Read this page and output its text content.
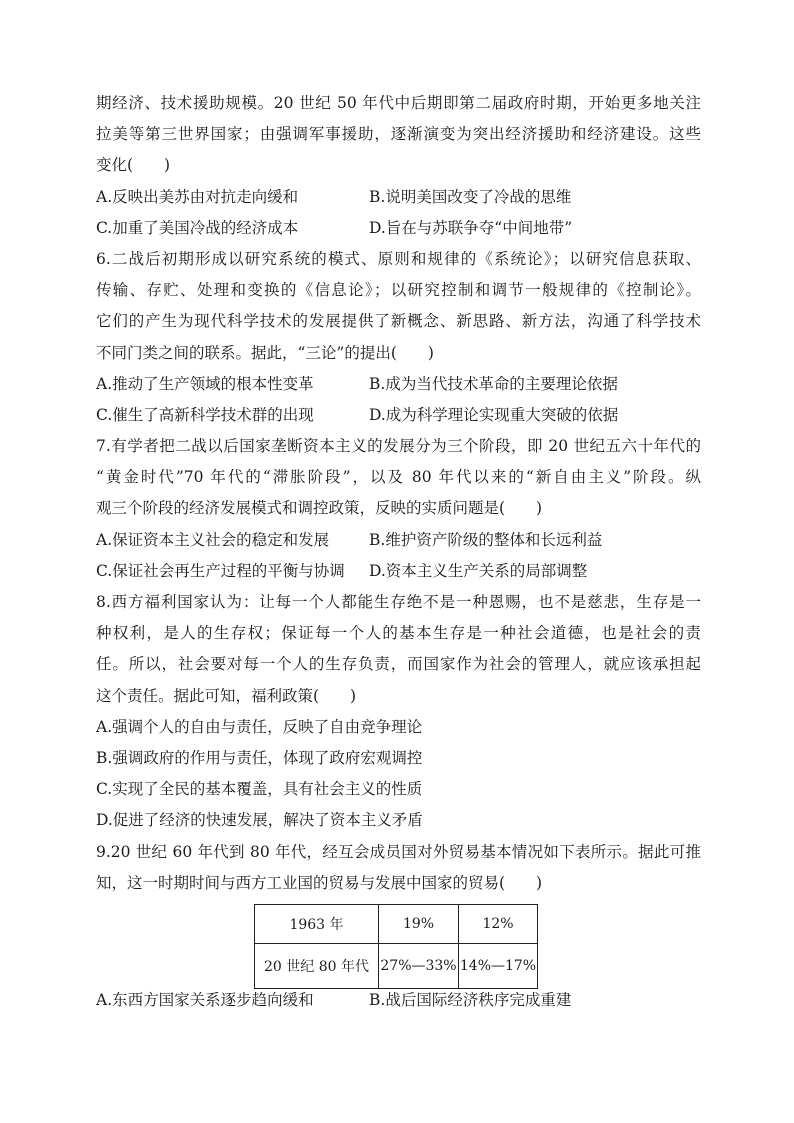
期经济、技术援助规模。20 世纪 50 年代中后期即第二届政府时期，开始更多地关注
拉美等第三世界国家；由强调军事援助，逐渐演变为突出经济援助和经济建设。这些
变化(　　)
A.反映出美苏由对抗走向缓和	B.说明美国改变了冷战的思维
C.加重了美国冷战的经济成本	D.旨在与苏联争夺“中间地带”
6.二战后初期形成以研究系统的模式、原则和规律的《系统论》；以研究信息获取、
传输、存贮、处理和变换的《信息论》；以研究控制和调节一般规律的《控制论》。
它们的产生为现代科学技术的发展提供了新概念、新思路、新方法，沟通了科学技术
不同门类之间的联系。据此，“三论”的提出(　　)
A.推动了生产领域的根本性变革	B.成为当代技术革命的主要理论依据
C.催生了高新科学技术群的出现	D.成为科学理论实现重大突破的依据
7.有学者把二战以后国家垄断资本主义的发展分为三个阶段，即 20 世纪五六十年代的
“黄金时代”70 年代的“滞胀阶段”，以及 80 年代以来的“新自由主义”阶段。纵
观三个阶段的经济发展模式和调控政策，反映的实质问题是(　　)
A.保证资本主义社会的稳定和发展	B.维护资产阶级的整体和长远利益
C.保证社会再生产过程的平衡与协调	D.资本主义生产关系的局部调整
8.西方福利国家认为：让每一个人都能生存绝不是一种恩赐，也不是慈悲，生存是一
种权利，是人的生存权；保证每一个人的基本生存是一种社会道德，也是社会的责
任。所以，社会要对每一个人的生存负责，而国家作为社会的管理人，就应该承担起
这个责任。据此可知，福利政策(　　)
A.强调个人的自由与责任，反映了自由竞争理论
B.强调政府的作用与责任，体现了政府宏观调控
C.实现了全民的基本覆盖，具有社会主义的性质
D.促进了经济的快速发展，解决了资本主义矛盾
9.20 世纪 60 年代到 80 年代，经互会成员国对外贸易基本情况如下表所示。据此可推
知，这一时期时间与西方工业国的贸易与发展中国家的贸易(　　)
1963 年	19%	12%
20 世纪 80 年代	27%—33%	14%—17%
A.东西方国家关系逐步趋向缓和	B.战后国际经济秩序完成重建
